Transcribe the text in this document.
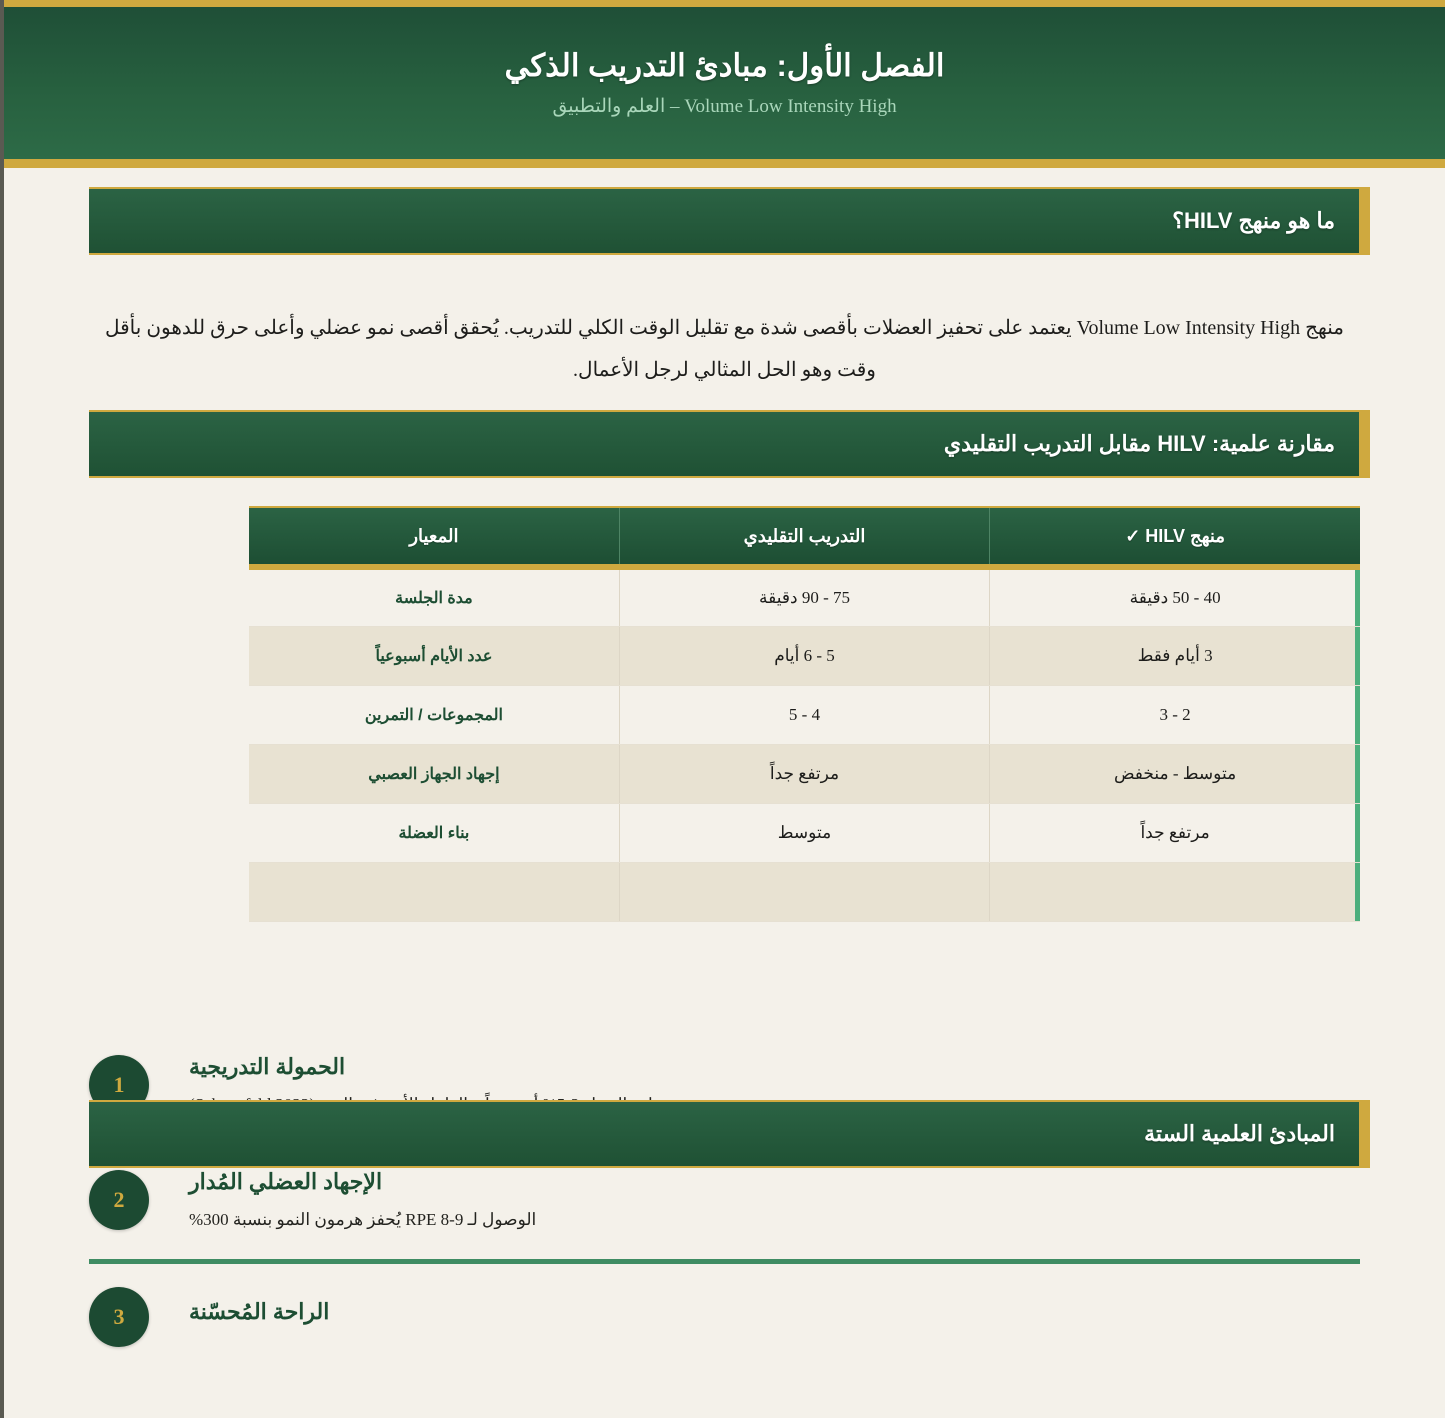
الفصل الأول: مبادئ التدريب الذكي
Volume Low Intensity High – العلم والتطبيق
ما هو منهج HILV؟

منهج Volume Low Intensity High يعتمد على تحفيز العضلات بأقصى شدة مع تقليل الوقت الكلي للتدريب. يُحقق أقصى نمو عضلي وأعلى حرق للدهون بأقل وقت وهو الحل المثالي لرجل الأعمال.

مقارنة علمية: HILV مقابل التدريب التقليدي
منهج HILV ✓	التدريب التقليدي	المعيار
40 - 50 دقيقة	75 - 90 دقيقة	مدة الجلسة
3 أيام فقط	5 - 6 أيام	عدد الأيام أسبوعياً
2 - 3	4 - 5	المجموعات / التمرين
متوسط - منخفض	مرتفع جداً	إجهاد الجهاز العصبي
مرتفع جداً	متوسط	بناء العضلة

المبادئ العلمية الستة
1
الحمولة التدريجية
2
الإجهاد العضلي المُدار
الوصول لـ RPE 8-9 يُحفز هرمون النمو بنسبة 300%
3	الراحة المُحسّنة
